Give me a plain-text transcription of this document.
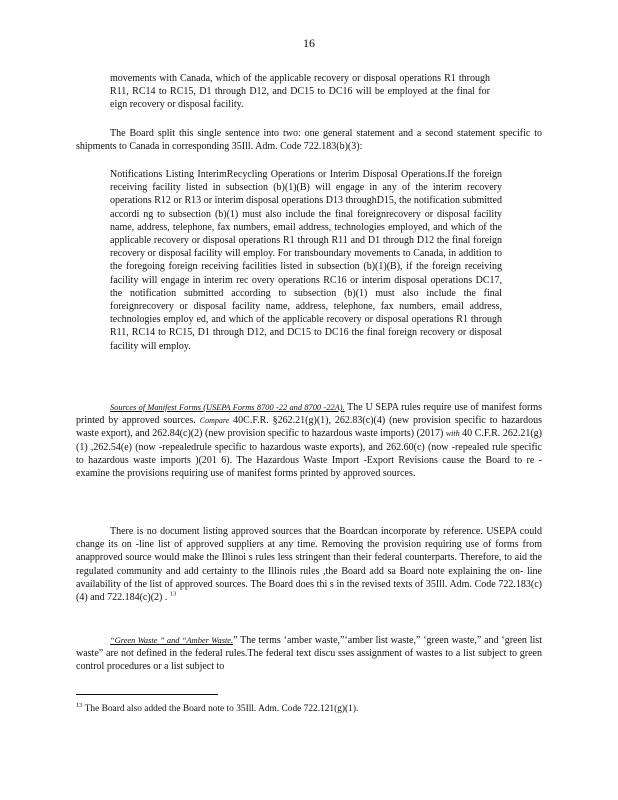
16

movements with Canada, which of the applicable recovery or disposal operations R1 through R11, RC14 to RC15, D1 through D12, and DC15 to DC16 will be employed at the final for eign recovery or disposal facility.

The Board split this single sentence into two: one general statement and a second statement specific to shipments to Canada in corresponding 35Ill. Adm. Code 722.183(b)(3):

Notifications Listing InterimRecycling Operations or Interim Disposal Operations.If the foreign receiving facility listed in subsection (b)(1)(B) will engage in any of the interim recovery operations R12 or R13 or interim disposal operations D13 throughD15, the notification submitted accordi ng to subsection (b)(1) must also include the final foreignrecovery or disposal facility name, address, telephone, fax numbers, email address, technologies employed, and which of the applicable recovery or disposal operations R1 through R11 and D1 through D12 the final foreign recovery or disposal facility will employ. For transboundary movements to Canada, in addition to the foregoing foreign receiving facilities listed in subsection (b)(1)(B), if the foreign receiving facility will engage in interim rec overy operations RC16 or interim disposal operations DC17, the notification submitted according to subsection (b)(1) must also include the final foreignrecovery or disposal facility name, address, telephone, fax numbers, email address, technologies employ ed, and which of the applicable recovery or disposal operations R1 through R11, RC14 to RC15, D1 through D12, and DC15 to DC16 the final foreign recovery or disposal facility will employ.

Sources of Manifest Forms (USEPA Forms 8700 -22 and 8700 -22A). The U SEPA rules require use of manifest forms printed by approved sources. Compare 40C.F.R. §262.21(g)(1), 262.83(c)(4) (new provision specific to hazardous waste export), and 262.84(c)(2) (new provision specific to hazardous waste imports) (2017) with 40 C.F.R. 262.21(g)(1) ,262.54(e) (now -repealedrule specific to hazardous waste exports), and 262.60(c) (now -repealed rule specific to hazardous waste imports )(201 6). The Hazardous Waste Import -Export Revisions cause the Board to re -examine the provisions requiring use of manifest forms printed by approved sources.

There is no document listing approved sources that the Boardcan incorporate by reference. USEPA could change its on -line list of approved suppliers at any time. Removing the provision requiring use of forms from anapproved source would make the Illinoi s rules less stringent than their federal counterparts. Therefore, to aid the regulated community and add certainty to the Illinois rules ,the Board add sa Board note explaining the on- line availability of the list of approved sources. The Board does thi s in the revised texts of 35Ill. Adm. Code 722.183(c)(4) and 722.184(c)(2) . $^{13}$

“Green Waste ” and “Amber Waste.” The terms ‘amber waste,”‘amber list waste,” ‘green waste,” and ‘green list waste” are not defined in the federal rules.The federal text discu sses assignment of wastes to a list subject to green control procedures or a list subject to

$^{13}$ The Board also added the Board note to 35Ill. Adm. Code 722.121(g)(1).
